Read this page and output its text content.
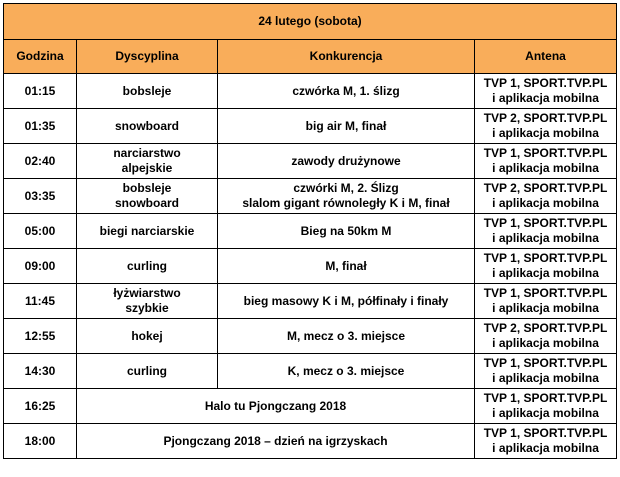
24 lutego (sobota)			
Godzina	Dyscyplina	Konkurencja	Antena

01:15	bobsleje	czwórka M, 1. ślizg	TVP 1, SPORT.TVP.PL
i aplikacja mobilna

01:35	snowboard	big air M, finał	TVP 2, SPORT.TVP.PL
i aplikacja mobilna

02:40	narciarstwo
alpejskie	zawody drużynowe	TVP 1, SPORT.TVP.PL
i aplikacja mobilna

03:35	bobsleje
snowboard	czwórki M, 2. Ślizg
slalom gigant równoległy K i M, finał	TVP 2, SPORT.TVP.PL
i aplikacja mobilna

05:00	biegi narciarskie	Bieg na 50km M	TVP 1, SPORT.TVP.PL
i aplikacja mobilna

09:00	curling	M, finał	TVP 1, SPORT.TVP.PL
i aplikacja mobilna

11:45	łyżwiarstwo
szybkie	bieg masowy K i M, półfinały i finały	TVP 1, SPORT.TVP.PL
i aplikacja mobilna

12:55	hokej	M, mecz o 3. miejsce	TVP 2, SPORT.TVP.PL
i aplikacja mobilna

14:30	curling	K, mecz o 3. miejsce	TVP 1, SPORT.TVP.PL
i aplikacja mobilna

16:25	Halo tu Pjongczang 2018		TVP 1, SPORT.TVP.PL
i aplikacja mobilna

18:00	Pjongczang 2018 – dzień na igrzyskach		TVP 1, SPORT.TVP.PL
i aplikacja mobilna
